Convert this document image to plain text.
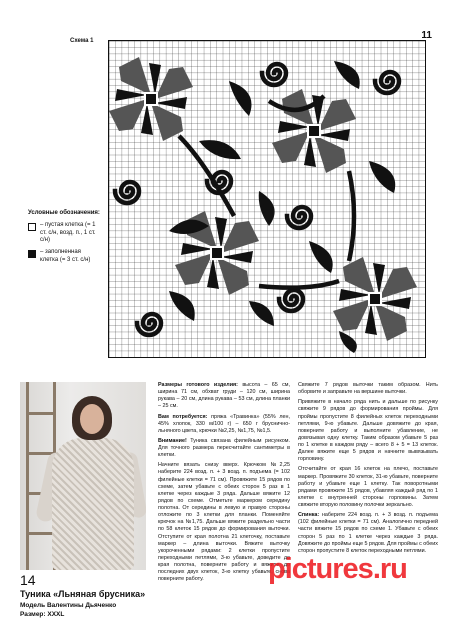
11
Схема 1
Условные обозначения:
– пустая клетка (= 1 ст. с/н, возд. п., 1 ст. с/н)
– заполненная клетка (= 3 ст. с/н)
14
Туника «Льняная брусника»
Модель Валентины Дьяченко
Размер: XXXL

Размеры готового изделия: высота – 65 см, ширина 71 см, обхват груди – 120 см, ширина рукава – 20 см, длина рукава – 53 см, длина планки – 25 см.

Вам потребуется: пряжа «Травинка» (55% лен, 45% хлопок, 330 м/100 г) – 650 г бруснично-льняного цвета, крючки №2,25, №1,75, №1,5.

Внимание! Туника связана филейным рисунком. Для точного размера пересчитайте сантиметры в клетки.

Начните вязать снизу вверх. Крючком №2,25 наберите 224 возд. п. + 3 возд. п. подъема (= 102 филейные клетки = 71 см). Провяжите 15 рядов по схеме, затем убавьте с обеих сторон 5 раз в 1 клетке через каждые 3 ряда. Дальше вяжите 12 рядов по схеме. Отметьте маркером середину полотна. От середины в левую и правую стороны отложите по 3 клетки для планки. Поменяйте крючок на №1,75. Дальше вяжите раздельно части по 58 клеток 15 рядов до формирования выточки. Отступите от края полотна 21 клеточку, поставьте маркер – длина выточки. Вяжите выточку укороченными рядами: 2 клетки пропустите переходными петлями, 3-ю убавьте, доведите до края полотна, поверните работу и вяжите до последних двух клеток, 3-ю клетку убавьте, снова поверните работу.

Свяжите 7 рядов выточки таким образом. Нить оборвите и заправьте на вершине выточки.

Привяжите в начало ряда нить и дальше по рисунку свяжите 9 рядов до формирования проймы. Для проймы пропустите 8 филейных клеток переходными петлями, 9-ю убавьте. Дальше довяжите до края, поверните работу и выполните убавление, не довязывая одну клетку. Таким образом убавьте 5 раз по 1 клетке в каждом ряду – всего 8 + 5 = 13 клеток. Далее вяжите еще 5 рядов и начните вывязывать горловину.

Отсчитайте от края 16 клеток на плечо, поставьте маркер. Провяжите 30 клеток, 31-ю убавьте, поверните работу и убавьте еще 1 клетку. Так поворотными рядами провяжите 15 рядов, убавляя каждый ряд по 1 клетке с внутренней стороны горловины. Затем свяжите вторую половину полочки зеркально.

Спинка: наберите 224 возд. п. + 3 возд. п. подъема (102 филейные клетки = 71 см). Аналогично передней части вяжите 15 рядов по схеме 1. Убавьте с обеих сторон 5 раз по 1 клетке через каждые 3 ряда. Довяжите до проймы еще 5 рядов. Для проймы с обеих сторон пропустите 8 клеток переходными петлями.

pictures.ru
